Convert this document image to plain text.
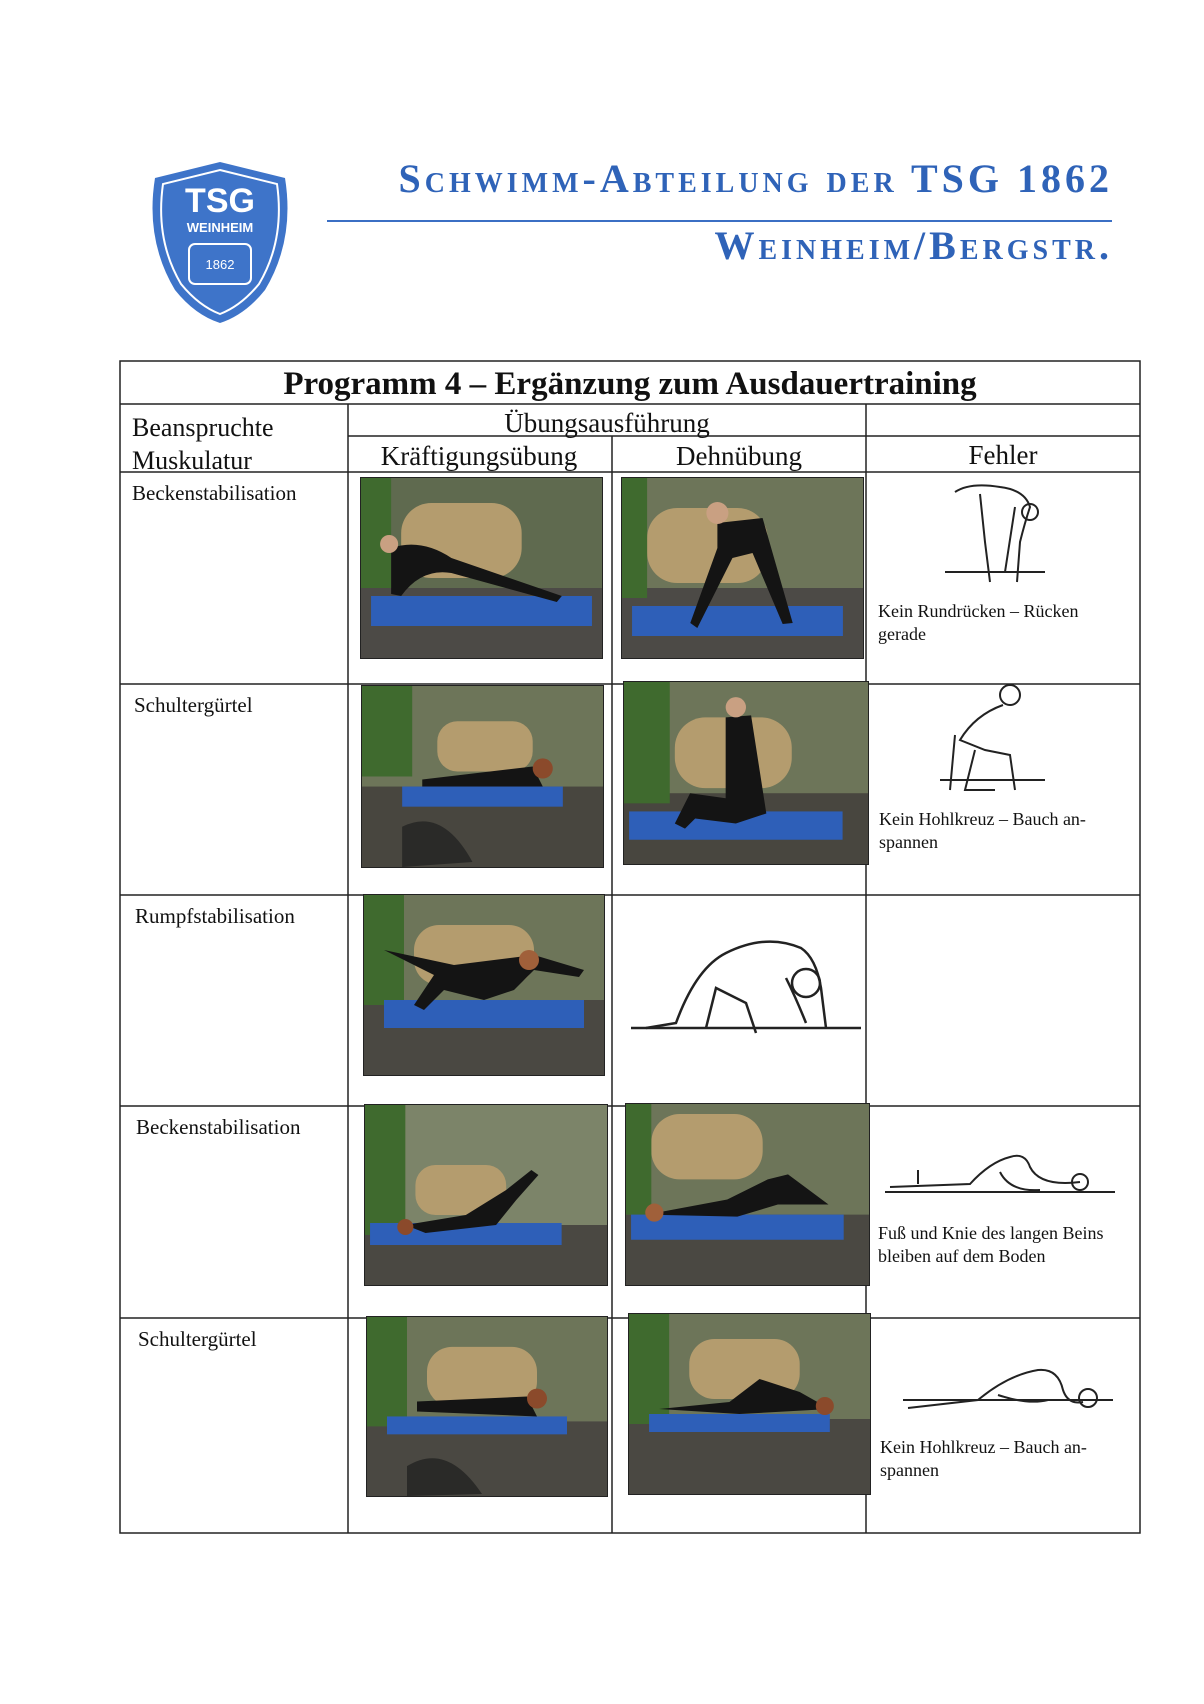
TSG
WEINHEIM
1862
Schwimm-Abteilung der TSG 1862
Weinheim/Bergstr.
Programm 4 – Ergänzung zum Ausdauertraining
Beanspruchte Muskulatur
Übungsausführung
Kräftigungsübung	Dehnübung	Fehler
Beckenstabilisation
Schultergürtel
Rumpfstabilisation
Beckenstabilisation
Schultergürtel
Kein Rundrücken – Rücken gerade
Kein Hohlkreuz – Bauch an-spannen
Fuß und Knie des langen Beins bleiben auf dem Boden
Kein Hohlkreuz – Bauch an-spannen
